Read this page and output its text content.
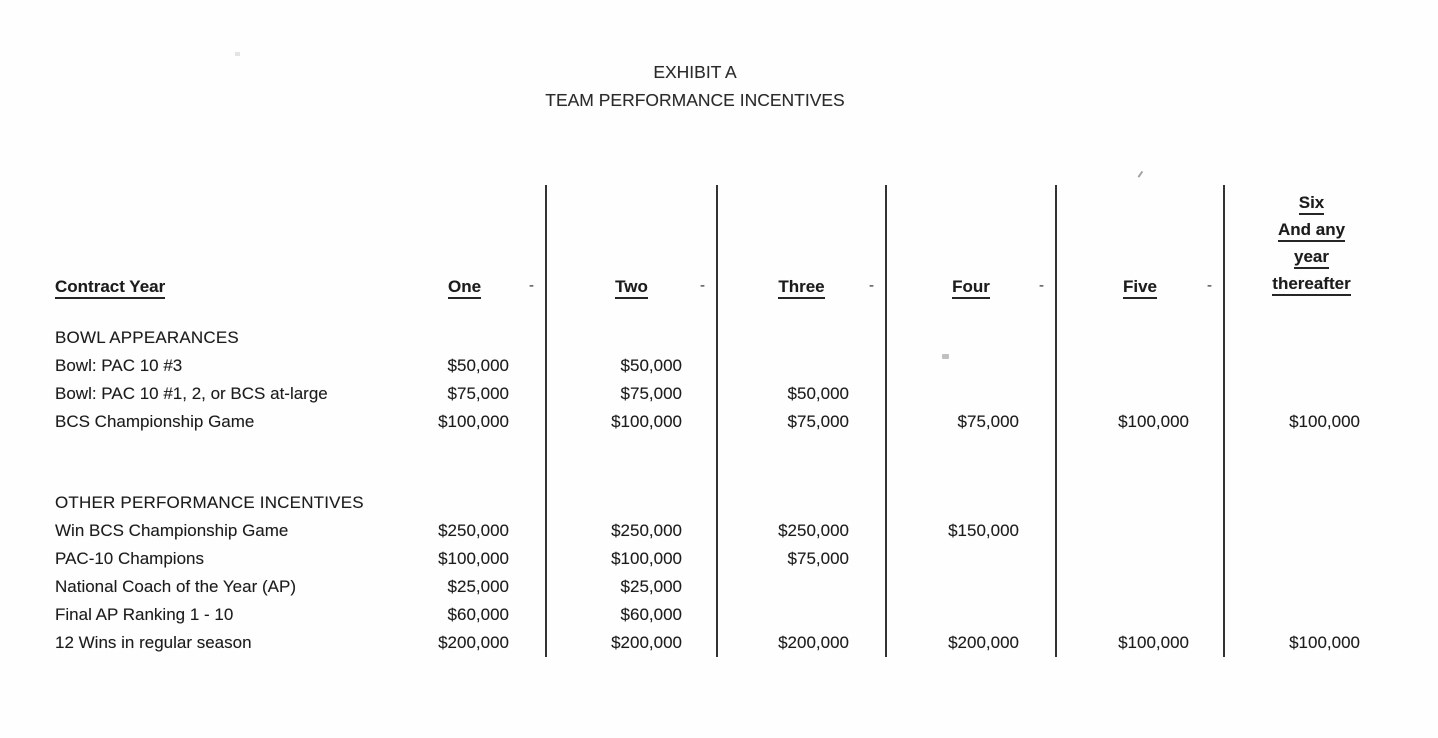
EXHIBIT A
TEAM PERFORMANCE INCENTIVES
Contract Year	One -	Two -	Three -	Four -	Five -	Six
And any
year
thereafter

BOWL APPEARANCES						
Bowl: PAC 10 #3	$50,000	$50,000				
Bowl: PAC 10 #1, 2, or BCS at-large	$75,000	$75,000	$50,000			
BCS Championship Game	$100,000	$100,000	$75,000	$75,000	$100,000	$100,000

OTHER PERFORMANCE INCENTIVES						
Win BCS Championship Game	$250,000	$250,000	$250,000	$150,000		
PAC-10 Champions	$100,000	$100,000	$75,000			
National Coach of the Year (AP)	$25,000	$25,000				
Final AP Ranking 1 - 10	$60,000	$60,000				
12 Wins in regular season	$200,000	$200,000	$200,000	$200,000	$100,000	$100,000
